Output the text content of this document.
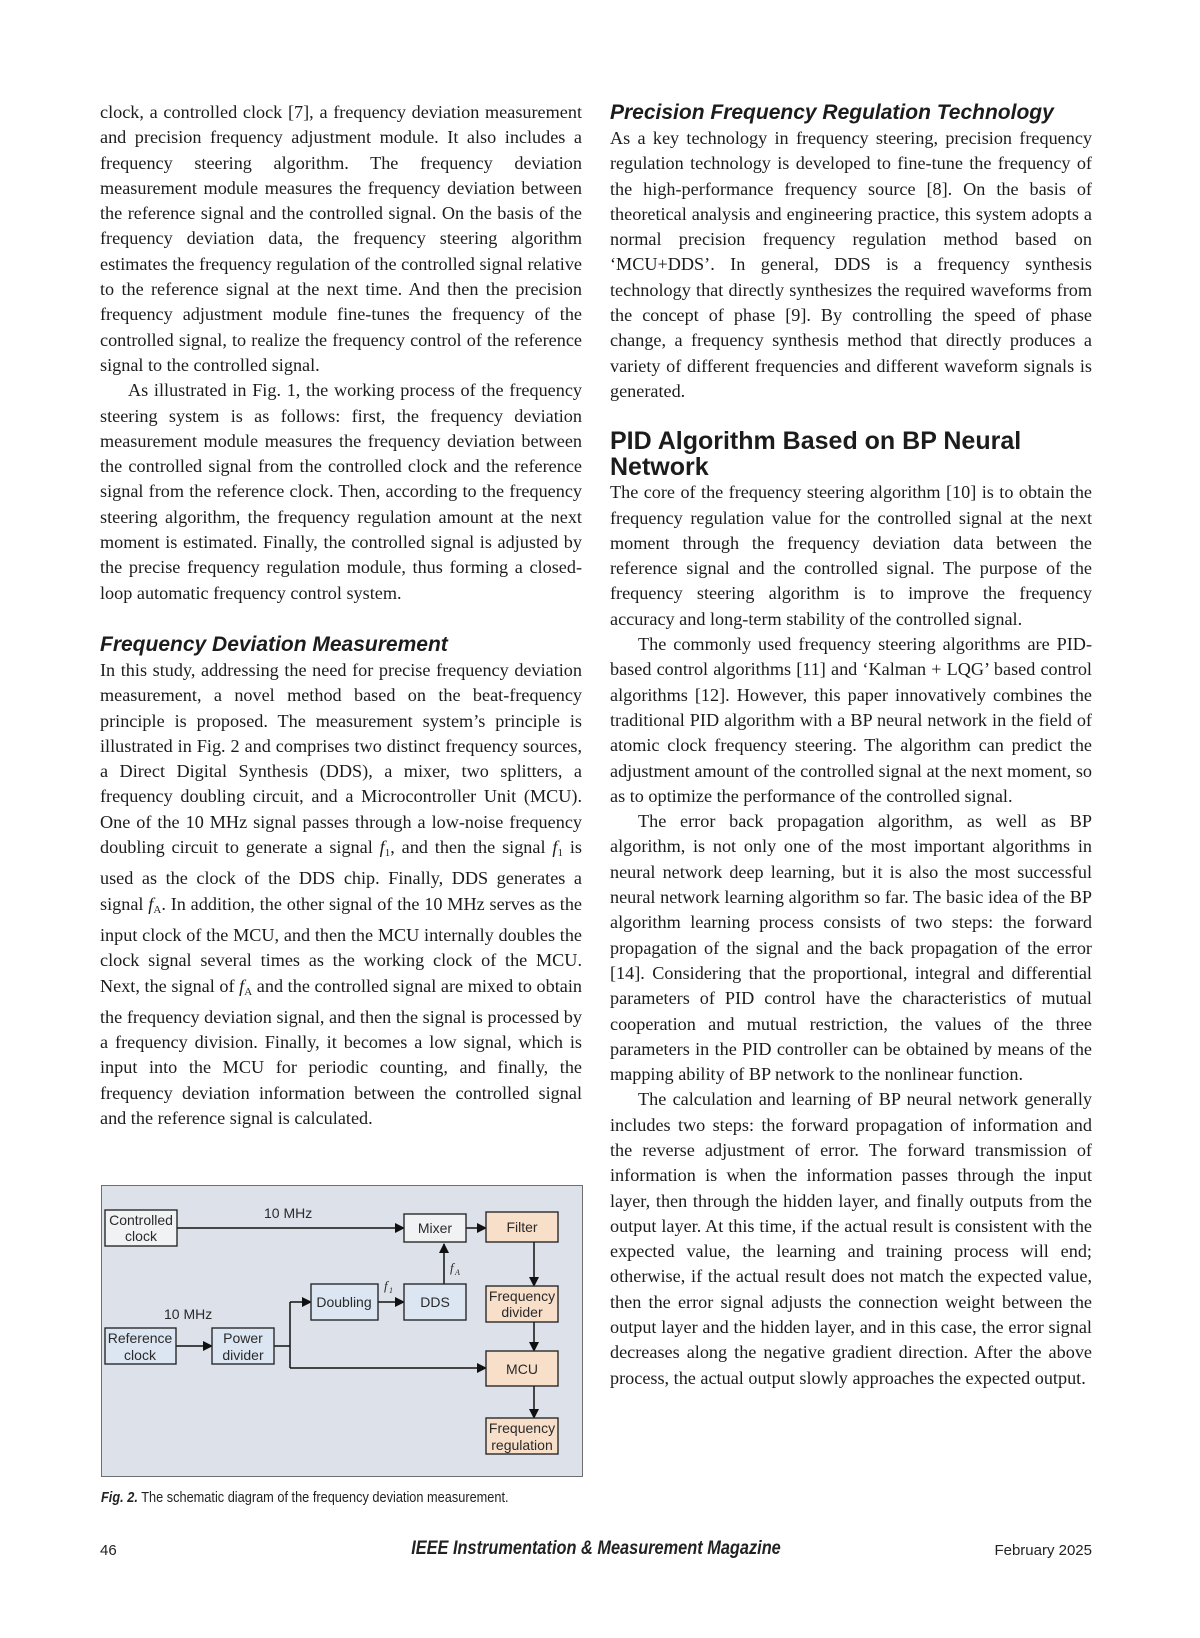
clock, a controlled clock [7], a frequency deviation measurement and precision frequency adjustment module. It also includes a frequency steering algorithm. The frequency deviation measurement module measures the frequency deviation between the reference signal and the controlled signal. On the basis of the frequency deviation data, the frequency steering algorithm estimates the frequency regulation of the controlled signal relative to the reference signal at the next time. And then the precision frequency adjustment module fine-tunes the frequency of the controlled signal, to realize the frequency control of the reference signal to the controlled signal.

As illustrated in Fig. 1, the working process of the frequency steering system is as follows: first, the frequency deviation measurement module measures the frequency deviation between the controlled signal from the controlled clock and the reference signal from the reference clock. Then, according to the frequency steering algorithm, the frequency regulation amount at the next moment is estimated. Finally, the controlled signal is adjusted by the precise frequency regulation module, thus forming a closed-loop automatic frequency control system.

Frequency Deviation Measurement

In this study, addressing the need for precise frequency deviation measurement, a novel method based on the beat-frequency principle is proposed. The measurement system’s principle is illustrated in Fig. 2 and comprises two distinct frequency sources, a Direct Digital Synthesis (DDS), a mixer, two splitters, a frequency doubling circuit, and a Microcontroller Unit (MCU). One of the 10 MHz signal passes through a low-noise frequency doubling circuit to generate a signal $f_1$, and then the signal $f_1$ is used as the clock of the DDS chip. Finally, DDS generates a signal $f_A$. In addition, the other signal of the 10 MHz serves as the input clock of the MCU, and then the MCU internally doubles the clock signal several times as the working clock of the MCU. Next, the signal of $f_A$ and the controlled signal are mixed to obtain the frequency deviation signal, and then the signal is processed by a frequency division. Finally, it becomes a low signal, which is input into the MCU for periodic counting, and finally, the frequency deviation information between the controlled signal and the reference signal is calculated.

Controlled
clock	Mixer	Filter
Doubling	DDS	Frequency
divider
Reference
clock
Power
divider
MCU
Frequency
regulation
10 MHz
10 MHz
f 1
f A
Fig. 2. The schematic diagram of the frequency deviation measurement.
Precision Frequency Regulation Technology

As a key technology in frequency steering, precision frequency regulation technology is developed to fine-tune the frequency of the high-performance frequency source [8]. On the basis of theoretical analysis and engineering practice, this system adopts a normal precision frequency regulation method based on ‘MCU+DDS’. In general, DDS is a frequency synthesis technology that directly synthesizes the required waveforms from the concept of phase [9]. By controlling the speed of phase change, a frequency synthesis method that directly produces a variety of different frequencies and different waveform signals is generated.

PID Algorithm Based on BP Neural Network

The core of the frequency steering algorithm [10] is to obtain the frequency regulation value for the controlled signal at the next moment through the frequency deviation data between the reference signal and the controlled signal. The purpose of the frequency steering algorithm is to improve the frequency accuracy and long-term stability of the controlled signal.

The commonly used frequency steering algorithms are PID-based control algorithms [11] and ‘Kalman + LQG’ based control algorithms [12]. However, this paper innovatively combines the traditional PID algorithm with a BP neural network in the field of atomic clock frequency steering. The algorithm can predict the adjustment amount of the controlled signal at the next moment, so as to optimize the performance of the controlled signal.

The error back propagation algorithm, as well as BP algorithm, is not only one of the most important algorithms in neural network deep learning, but it is also the most successful neural network learning algorithm so far. The basic idea of the BP algorithm learning process consists of two steps: the forward propagation of the signal and the back propagation of the error [14]. Considering that the proportional, integral and differential parameters of PID control have the characteristics of mutual cooperation and mutual restriction, the values of the three parameters in the PID controller can be obtained by means of the mapping ability of BP network to the nonlinear function.

The calculation and learning of BP neural network generally includes two steps: the forward propagation of information and the reverse adjustment of error. The forward transmission of information is when the information passes through the input layer, then through the hidden layer, and finally outputs from the output layer. At this time, if the actual result is consistent with the expected value, the learning and training process will end; otherwise, if the actual result does not match the expected value, then the error signal adjusts the connection weight between the output layer and the hidden layer, and in this case, the error signal decreases along the negative gradient direction. After the above process, the actual output slowly approaches the expected output.

46	IEEE Instrumentation & Measurement Magazine	February 2025
